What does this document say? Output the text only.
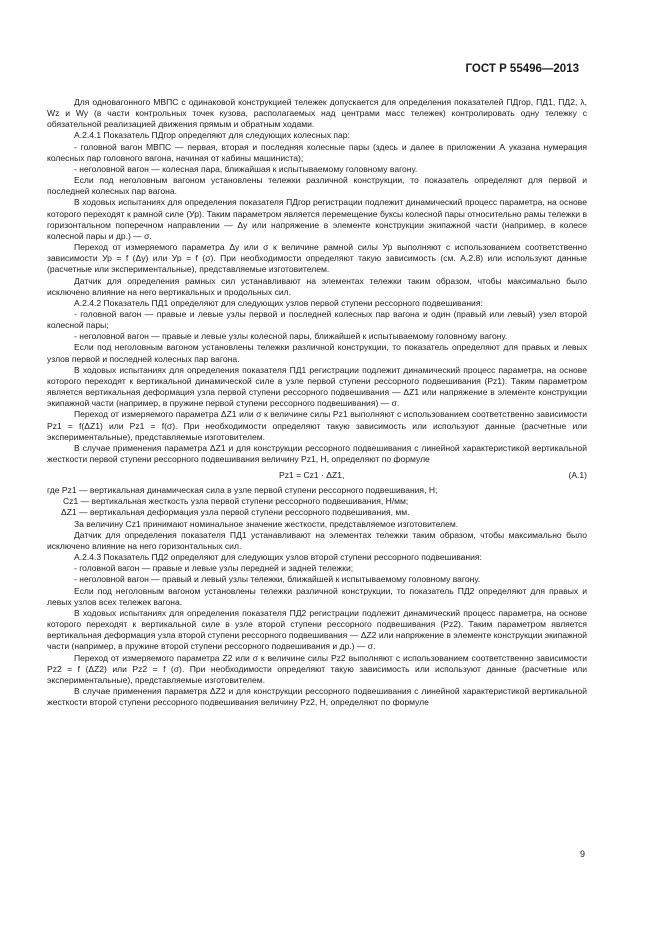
ГОСТ Р 55496—2013

Для одновагонного МВПС с одинаковой конструкцией тележек допускается для определения показателей ПДгор, ПД1, ПД2, λ, Wz и Wy (в части контрольных точек кузова, располагаемых над центрами масс тележек) контролировать одну тележку с обязательной реализацией движения прямым и обратным ходами.

А.2.4.1 Показатель ПДгор определяют для следующих колесных пар:

- головной вагон МВПС — первая, вторая и последняя колесные пары (здесь и далее в приложении А указана нумерация колесных пар головного вагона, начиная от кабины машиниста);

- неголовной вагон — колесная пара, ближайшая к испытываемому головному вагону.

Если под неголовным вагоном установлены тележки различной конструкции, то показатель определяют для первой и последней колесных пар вагона.

В ходовых испытаниях для определения показателя ПДгор регистрации подлежит динамический процесс параметра, на основе которого переходят к рамной силе (Ур). Таким параметром является перемещение буксы колесной пары относительно рамы тележки в горизонтальном поперечном направлении — Δу или напряжение в элементе конструкции экипажной части (например, в колесе колесной пары и др.) — σ.

Переход от измеряемого параметра Δу или σ к величине рамной силы Ур выполняют с использованием соответственно зависимости Ур = f (Δу) или Ур = f (σ). При необходимости определяют такую зависимость (см. А.2.8) или используют данные (расчетные или экспериментальные), представляемые изготовителем.

Датчик для определения рамных сил устанавливают на элементах тележки таким образом, чтобы максимально было исключено влияние на него вертикальных и продольных сил.

А.2.4.2 Показатель ПД1 определяют для следующих узлов первой ступени рессорного подвешивания:

- головной вагон — правые и левые узлы первой и последней колесных пар вагона и один (правый или левый) узел второй колесной пары;

- неголовной вагон — правые и левые узлы колесной пары, ближайшей к испытываемому головному вагону.

Если под неголовным вагоном установлены тележки различной конструкции, то показатель определяют для правых и левых узлов первой и последней колесных пар вагона.

В ходовых испытаниях для определения показателя ПД1 регистрации подлежит динамический процесс параметра, на основе которого переходят к вертикальной динамической силе в узле первой ступени рессорного подвешивания (Рz1). Таким параметром является вертикальная деформация узла первой ступени рессорного подвешивания — ΔZ1 или напряжение в элементе конструкции экипажной части (например, в пружине первой ступени рессорного подвешивания) — σ.

Переход от измеряемого параметра ΔZ1 или σ к величине силы Рz1 выполняют с использованием соответственно зависимости Рz1 = f(ΔZ1) или Рz1 = f(σ). При необходимости определяют такую зависимость или используют данные (расчетные или экспериментальные), представляемые изготовителем.

В случае применения параметра ΔZ1 и для конструкции рессорного подвешивания с линейной характеристикой вертикальной жесткости первой ступени рессорного подвешивания величину Рz1, Н, определяют по формуле

Рz1 = Сz1 · ΔZ1,	(А.1)
где Рz1 — вертикальная динамическая сила в узле первой ступени рессорного подвешивания, Н;
Сz1 — вертикальная жесткость узла первой ступени рессорного подвешивания, Н/мм;
ΔZ1 — вертикальная деформация узла первой ступени рессорного подвешивания, мм.

За величину Сz1 принимают номинальное значение жесткости, представляемое изготовителем.

Датчик для определения показателя ПД1 устанавливают на элементах тележки таким образом, чтобы максимально было исключено влияние на него горизонтальных сил.

А.2.4.3 Показатель ПД2 определяют для следующих узлов второй ступени рессорного подвешивания:

- головной вагон — правые и левые узлы передней и задней тележки;

- неголовной вагон — правый и левый узлы тележки, ближайшей к испытываемому головному вагону.

Если под неголовным вагоном установлены тележки различной конструкции, то показатель ПД2 определяют для правых и левых узлов всех тележек вагона.

В ходовых испытаниях для определения показателя ПД2 регистрации подлежит динамический процесс параметра, на основе которого переходят к вертикальной силе в узле второй ступени рессорного подвешивания (Рz2). Таким параметром является вертикальная деформация узла второй ступени рессорного подвешивания — ΔZ2 или напряжение в элементе конструкции экипажной части (например, в пружине второй ступени рессорного подвешивания и др.) — σ.

Переход от измеряемого параметра Z2 или σ к величине силы Рz2 выполняют с использованием соответственно зависимости Рz2 = f (ΔZ2) или Рz2 = f (σ). При необходимости определяют такую зависимость или используют данные (расчетные или экспериментальные), представляемые изготовителем.

В случае применения параметра ΔZ2 и для конструкции рессорного подвешивания с линейной характеристикой вертикальной жесткости второй ступени рессорного подвешивания величину Рz2, Н, определяют по формуле

9
